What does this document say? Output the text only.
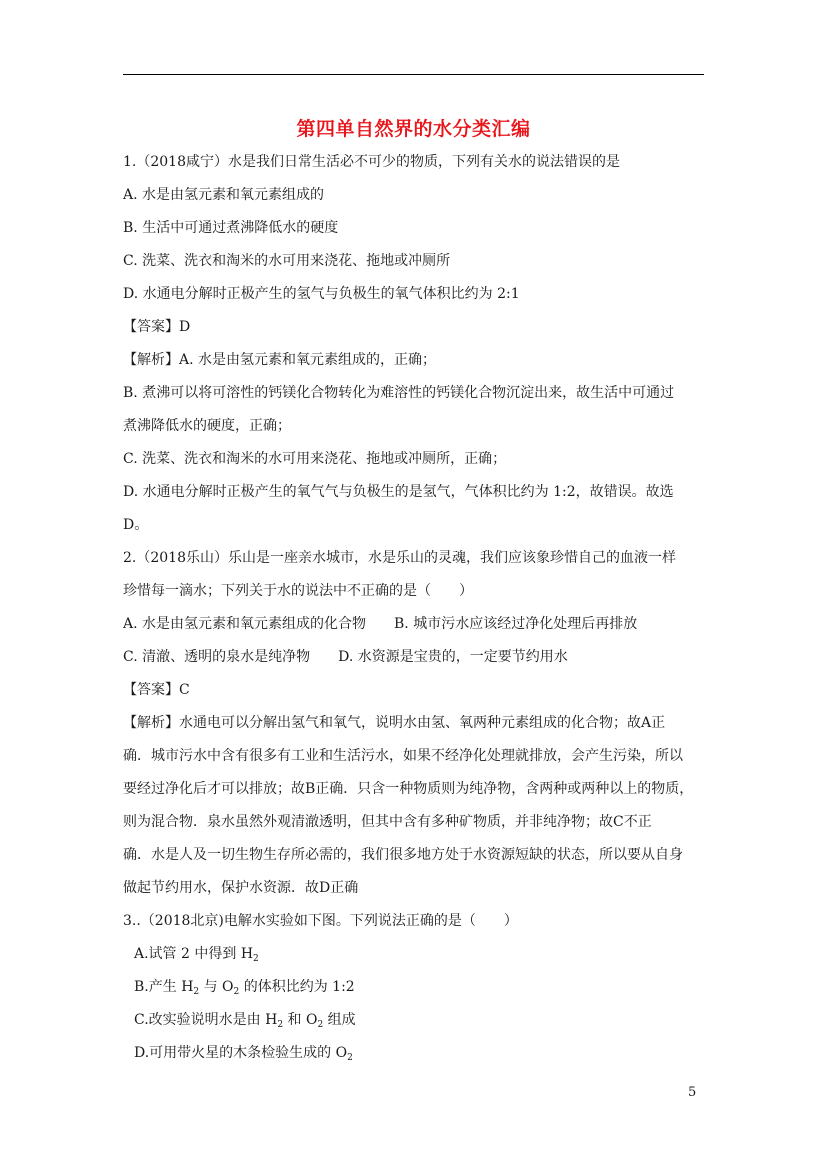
第四单自然界的水分类汇编
1.（2018咸宁）水是我们日常生活必不可少的物质，下列有关水的说法错误的是
A. 水是由氢元素和氧元素组成的
B. 生活中可通过煮沸降低水的硬度
C. 洗菜、洗衣和淘米的水可用来浇花、拖地或冲厕所
D. 水通电分解时正极产生的氢气与负极生的氧气体积比约为 2:1
【答案】D
【解析】A. 水是由氢元素和氧元素组成的，正确；
B. 煮沸可以将可溶性的钙镁化合物转化为难溶性的钙镁化合物沉淀出来，故生活中可通过
煮沸降低水的硬度，正确；
C. 洗菜、洗衣和淘米的水可用来浇花、拖地或冲厕所，正确；
D. 水通电分解时正极产生的氧气气与负极生的是氢气，气体积比约为 1:2，故错误。故选
D。
2.（2018乐山）乐山是一座亲水城市，水是乐山的灵魂，我们应该象珍惜自己的血液一样
珍惜每一滴水；下列关于水的说法中不正确的是（　　）
A. 水是由氢元素和氧元素组成的化合物　　B. 城市污水应该经过净化处理后再排放
C. 清澈、透明的泉水是纯净物　　D. 水资源是宝贵的，一定要节约用水
【答案】C
【解析】水通电可以分解出氢气和氧气，说明水由氢、氧两种元素组成的化合物；故A正
确．城市污水中含有很多有工业和生活污水，如果不经净化处理就排放，会产生污染，所以
要经过净化后才可以排放；故B正确．只含一种物质则为纯净物，含两种或两种以上的物质，
则为混合物．泉水虽然外观清澈透明，但其中含有多种矿物质，并非纯净物；故C不正
确．水是人及一切生物生存所必需的，我们很多地方处于水资源短缺的状态，所以要从自身
做起节约用水，保护水资源．故D正确
3..（2018北京)电解水实验如下图。下列说法正确的是（　　）
A.试管 2 中得到 $H_2$
B.产生 $H_2$ 与 $O_2$ 的体积比约为 1:2
C.改实验说明水是由 $H_2$ 和 $O_2$ 组成
D.可用带火星的木条检验生成的 $O_2$
5
